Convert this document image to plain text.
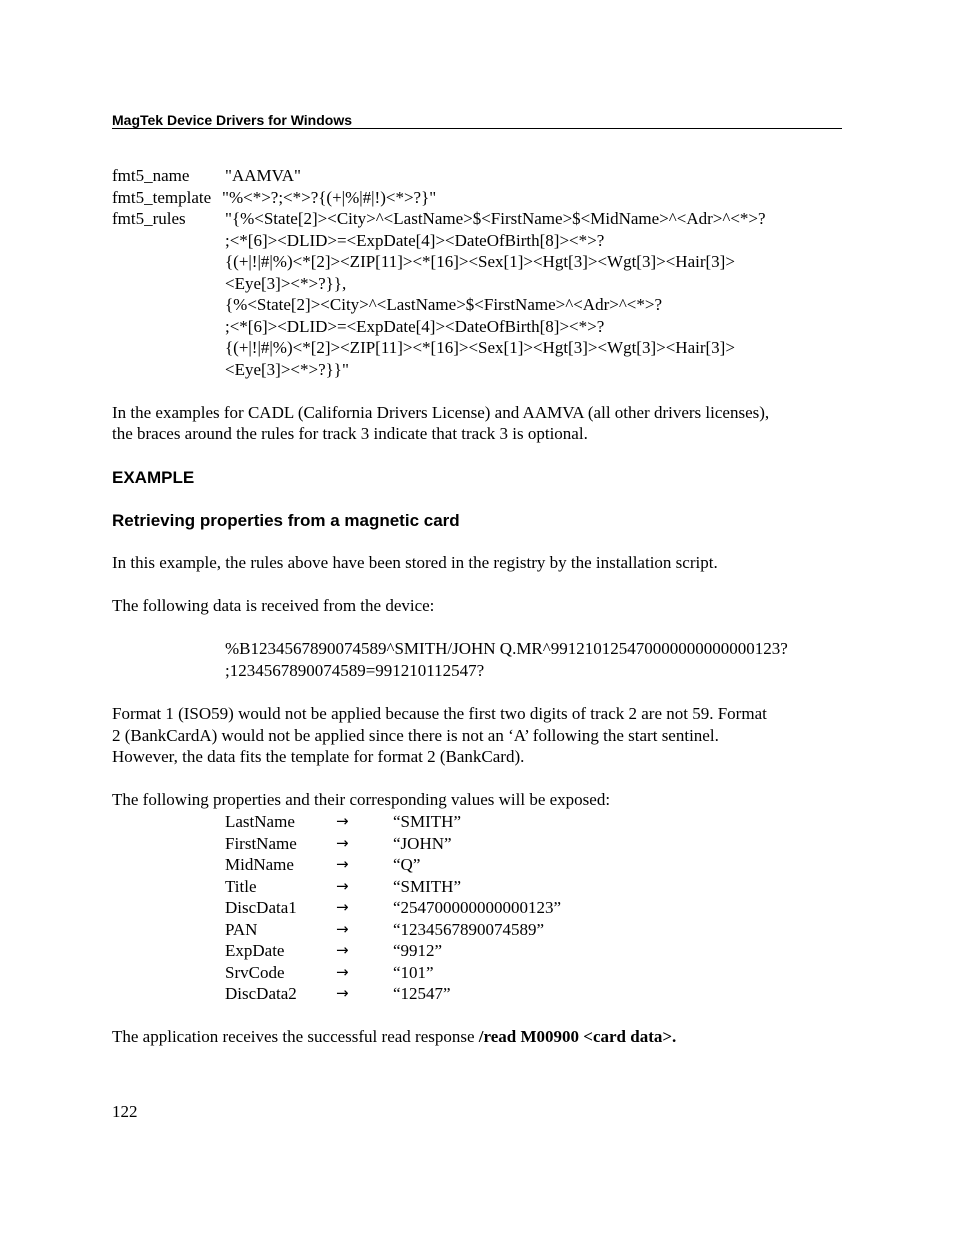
MagTek Device Drivers for Windows
fmt5_name "AAMVA"
fmt5_template "%<*>?;<*>?{(+|%|#|!)<*>?}"
fmt5_rules "{%<State[2]><City>^<LastName>$<FirstName>$<MidName>^<Adr>^<*>?
;<*[6]><DLID>=<ExpDate[4]><DateOfBirth[8]><*>?
{(+|!|#|%)<*[2]><ZIP[11]><*[16]><Sex[1]><Hgt[3]><Wgt[3]><Hair[3]>
<Eye[3]><*>?}},
{%<State[2]><City>^<LastName>$<FirstName>^<Adr>^<*>?
;<*[6]><DLID>=<ExpDate[4]><DateOfBirth[8]><*>?
{(+|!|#|%)<*[2]><ZIP[11]><*[16]><Sex[1]><Hgt[3]><Wgt[3]><Hair[3]>
<Eye[3]><*>?}}"
In the examples for CADL (California Drivers License) and AAMVA (all other drivers licenses),
the braces around the rules for track 3 indicate that track 3 is optional.
EXAMPLE
Retrieving properties from a magnetic card
In this example, the rules above have been stored in the registry by the installation script.
The following data is received from the device:
%B1234567890074589^SMITH/JOHN Q.MR^991210125470000000000000123?
;1234567890074589=991210112547?
Format 1 (ISO59) would not be applied because the first two digits of track 2 are not 59. Format
2 (BankCardA) would not be applied since there is not an ‘A’ following the start sentinel.
However, the data fits the template for format 2 (BankCard).
The following properties and their corresponding values will be exposed:
LastName	→	“SMITH”
FirstName	→	“JOHN”
MidName	→	“Q”
Title	→	“SMITH”
DiscData1	→	“254700000000000123”
PAN	→	“1234567890074589”
ExpDate	→	“9912”
SrvCode	→	“101”
DiscData2	→	“12547”
The application receives the successful read response /read M00900 <card data>.
122
